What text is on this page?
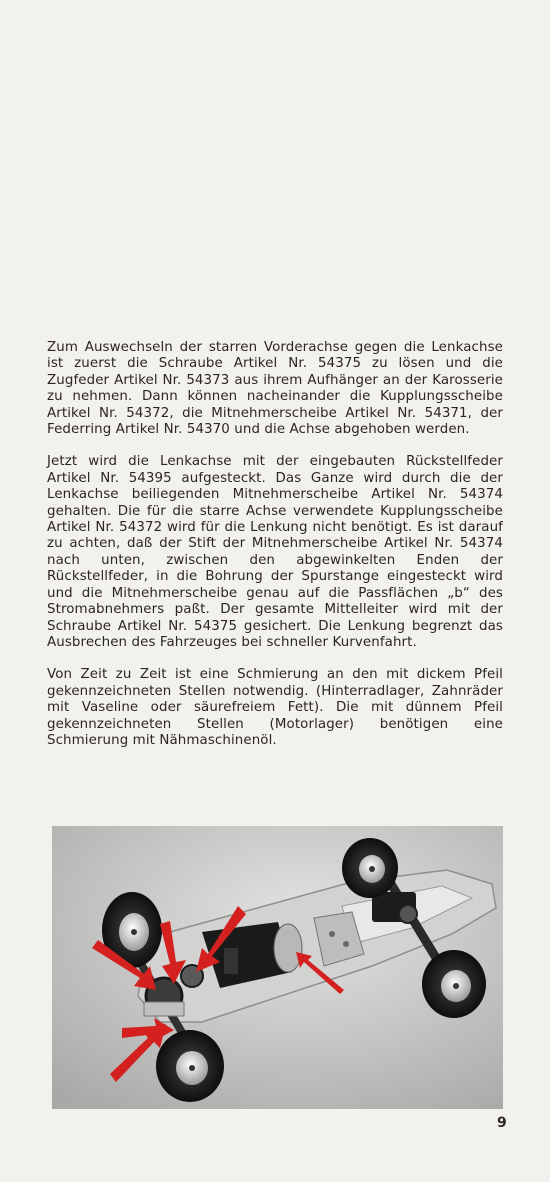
Zum Auswechseln der starren Vorderachse gegen die Lenkachse ist zuerst die Schraube Artikel Nr. 54375 zu lösen und die Zugfeder Artikel Nr. 54373 aus ihrem Aufhänger an der Karosserie zu nehmen. Dann können nacheinander die Kupplungsscheibe Artikel Nr. 54372, die Mitnehmerscheibe Artikel Nr. 54371, der Federring Artikel Nr. 54370 und die Achse abgehoben werden.

Jetzt wird die Lenkachse mit der eingebauten Rückstellfeder Artikel Nr. 54395 aufgesteckt. Das Ganze wird durch die der Lenkachse beiliegenden Mitnehmerscheibe Artikel Nr. 54374 gehalten. Die für die starre Achse verwendete Kupplungsscheibe Artikel Nr. 54372 wird für die Lenkung nicht benötigt. Es ist darauf zu achten, daß der Stift der Mitnehmerscheibe Artikel Nr. 54374 nach unten, zwischen den abgewinkelten Enden der Rückstellfeder, in die Bohrung der Spurstange eingesteckt wird und die Mitnehmerscheibe genau auf die Passflächen „b“ des Stromabnehmers paßt. Der gesamte Mittelleiter wird mit der Schraube Artikel Nr. 54375 gesichert. Die Lenkung begrenzt das Ausbrechen des Fahrzeuges bei schneller Kurvenfahrt.

Von Zeit zu Zeit ist eine Schmierung an den mit dickem Pfeil gekennzeichneten Stellen notwendig. (Hinterradlager, Zahnräder mit Vaseline oder säurefreiem Fett). Die mit dünnem Pfeil gekennzeichneten Stellen (Motorlager) benötigen eine Schmierung mit Nähmaschinenöl.

9
